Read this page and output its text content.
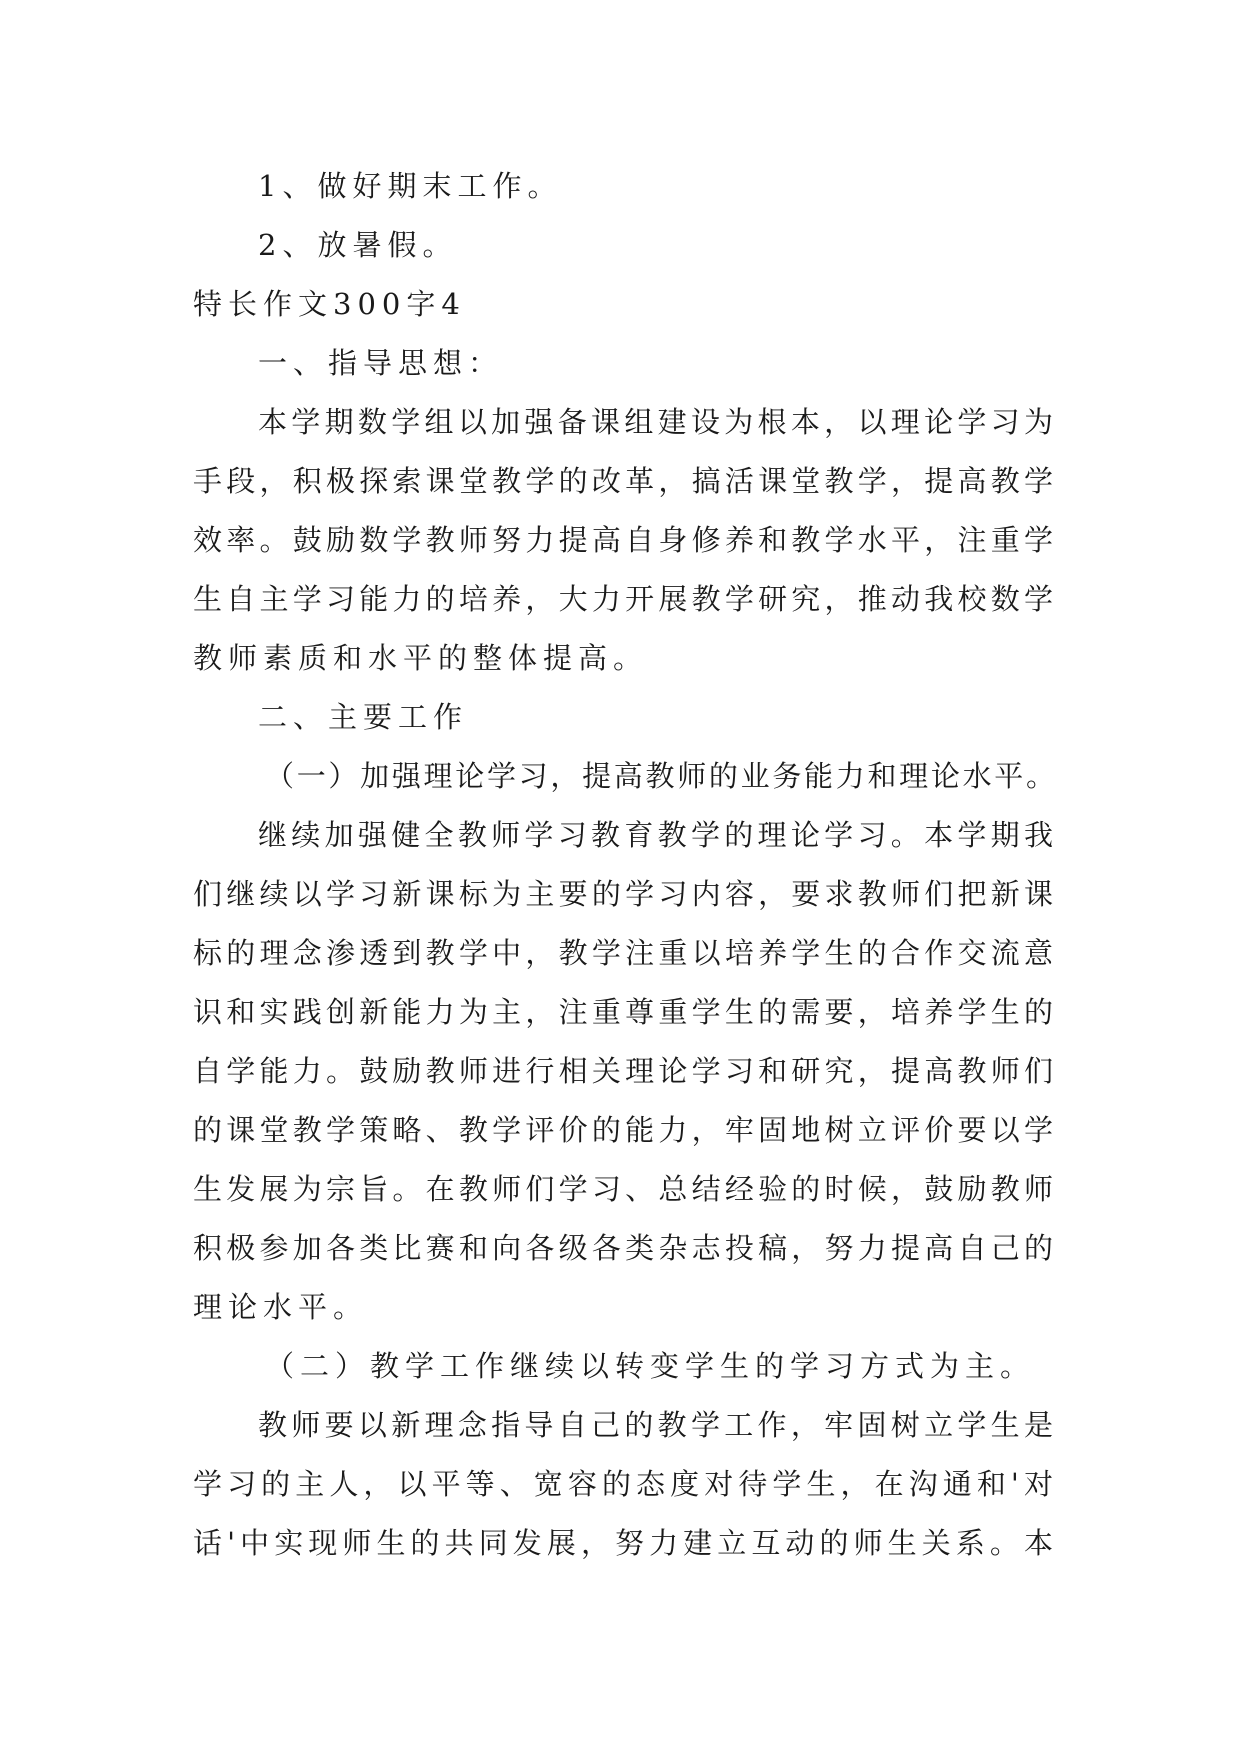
1、做好期末工作。
2、放暑假。
特长作文300字4
一、指导思想：
本学期数学组以加强备课组建设为根本，以理论学习为
手段，积极探索课堂教学的改革，搞活课堂教学，提高教学
效率。鼓励数学教师努力提高自身修养和教学水平，注重学
生自主学习能力的培养，大力开展教学研究，推动我校数学
教师素质和水平的整体提高。
二、主要工作
（一）加强理论学习，提高教师的业务能力和理论水平。
继续加强健全教师学习教育教学的理论学习。本学期我
们继续以学习新课标为主要的学习内容，要求教师们把新课
标的理念渗透到教学中，教学注重以培养学生的合作交流意
识和实践创新能力为主，注重尊重学生的需要，培养学生的
自学能力。鼓励教师进行相关理论学习和研究，提高教师们
的课堂教学策略、教学评价的能力，牢固地树立评价要以学
生发展为宗旨。在教师们学习、总结经验的时候，鼓励教师
积极参加各类比赛和向各级各类杂志投稿，努力提高自己的
理论水平。
（二）教学工作继续以转变学生的学习方式为主。
教师要以新理念指导自己的教学工作，牢固树立学生是
学习的主人，以平等、宽容的态度对待学生，在沟通和'对
话'中实现师生的共同发展，努力建立互动的师生关系。本
